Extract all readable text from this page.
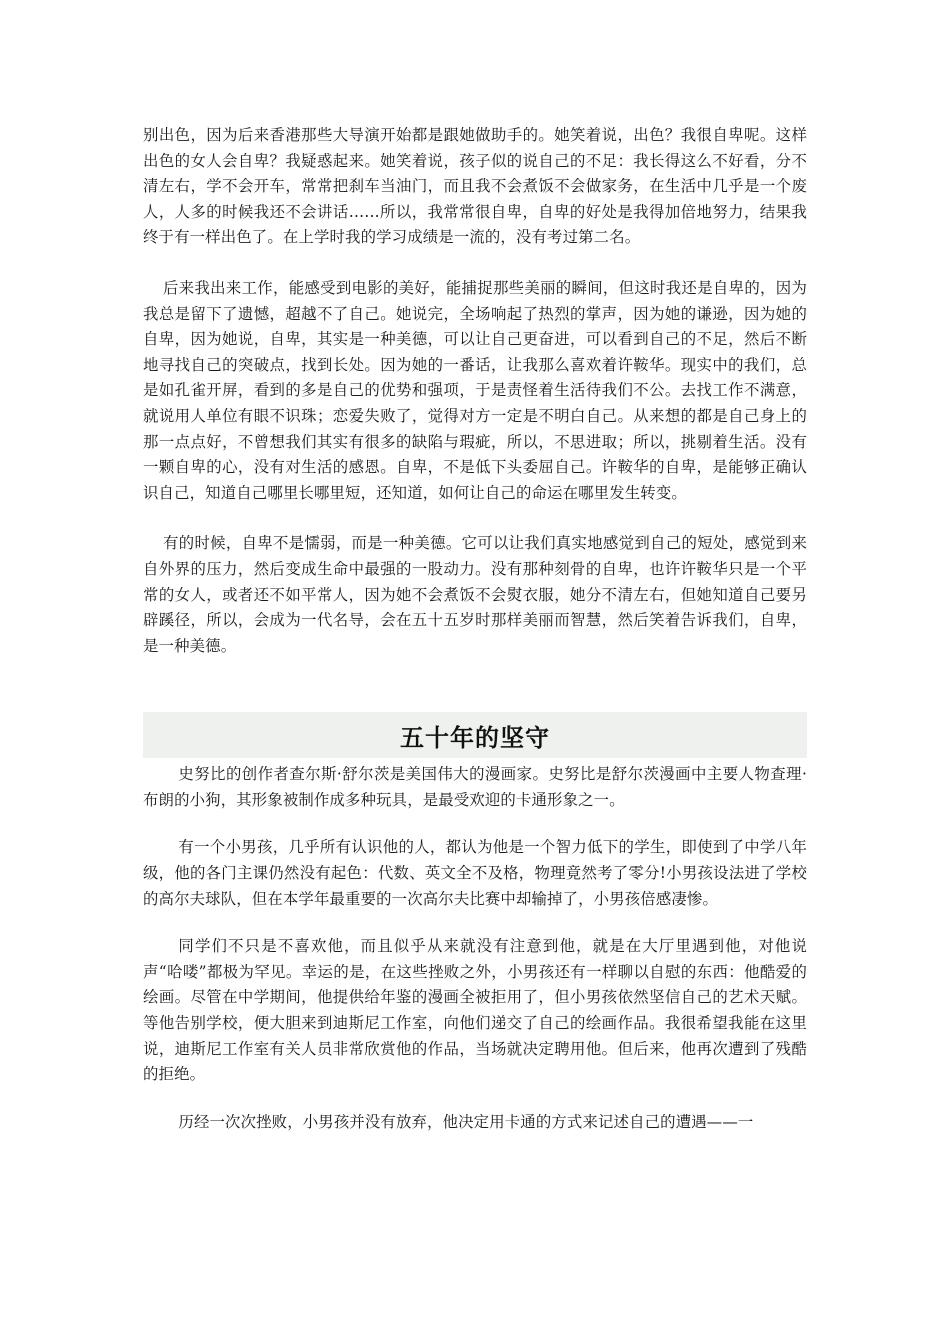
别出色，因为后来香港那些大导演开始都是跟她做助手的。她笑着说，出色？我很自卑呢。这样出色的女人会自卑？我疑惑起来。她笑着说，孩子似的说自己的不足：我长得这么不好看，分不清左右，学不会开车，常常把刹车当油门，而且我不会煮饭不会做家务，在生活中几乎是一个废人，人多的时候我还不会讲话……所以，我常常很自卑，自卑的好处是我得加倍地努力，结果我终于有一样出色了。在上学时我的学习成绩是一流的，没有考过第二名。

后来我出来工作，能感受到电影的美好，能捕捉那些美丽的瞬间，但这时我还是自卑的，因为我总是留下了遗憾，超越不了自己。她说完，全场响起了热烈的掌声，因为她的谦逊，因为她的自卑，因为她说，自卑，其实是一种美德，可以让自己更奋进，可以看到自己的不足，然后不断地寻找自己的突破点，找到长处。因为她的一番话，让我那么喜欢着许鞍华。现实中的我们，总是如孔雀开屏，看到的多是自己的优势和强项，于是责怪着生活待我们不公。去找工作不满意，就说用人单位有眼不识珠；恋爱失败了，觉得对方一定是不明白自己。从来想的都是自己身上的那一点点好，不曾想我们其实有很多的缺陷与瑕疵，所以，不思进取；所以，挑剔着生活。没有一颗自卑的心，没有对生活的感恩。自卑，不是低下头委屈自己。许鞍华的自卑，是能够正确认识自己，知道自己哪里长哪里短，还知道，如何让自己的命运在哪里发生转变。

有的时候，自卑不是懦弱，而是一种美德。它可以让我们真实地感觉到自己的短处，感觉到来自外界的压力，然后变成生命中最强的一股动力。没有那种刻骨的自卑，也许许鞍华只是一个平常的女人，或者还不如平常人，因为她不会煮饭不会熨衣服，她分不清左右，但她知道自己要另辟蹊径，所以，会成为一代名导，会在五十五岁时那样美丽而智慧，然后笑着告诉我们，自卑，是一种美德。

五十年的坚守

史努比的创作者查尔斯·舒尔茨是美国伟大的漫画家。史努比是舒尔茨漫画中主要人物查理·布朗的小狗，其形象被制作成多种玩具，是最受欢迎的卡通形象之一。

有一个小男孩，几乎所有认识他的人，都认为他是一个智力低下的学生，即使到了中学八年级，他的各门主课仍然没有起色：代数、英文全不及格，物理竟然考了零分!小男孩设法进了学校的高尔夫球队，但在本学年最重要的一次高尔夫比赛中却输掉了，小男孩倍感凄惨。

同学们不只是不喜欢他，而且似乎从来就没有注意到他，就是在大厅里遇到他，对他说声“哈喽”都极为罕见。幸运的是，在这些挫败之外，小男孩还有一样聊以自慰的东西：他酷爱的绘画。尽管在中学期间，他提供给年鉴的漫画全被拒用了，但小男孩依然坚信自己的艺术天赋。等他告别学校，便大胆来到迪斯尼工作室，向他们递交了自己的绘画作品。我很希望我能在这里说，迪斯尼工作室有关人员非常欣赏他的作品，当场就决定聘用他。但后来，他再次遭到了残酷的拒绝。

历经一次次挫败，小男孩并没有放弃，他决定用卡通的方式来记述自己的遭遇——一
